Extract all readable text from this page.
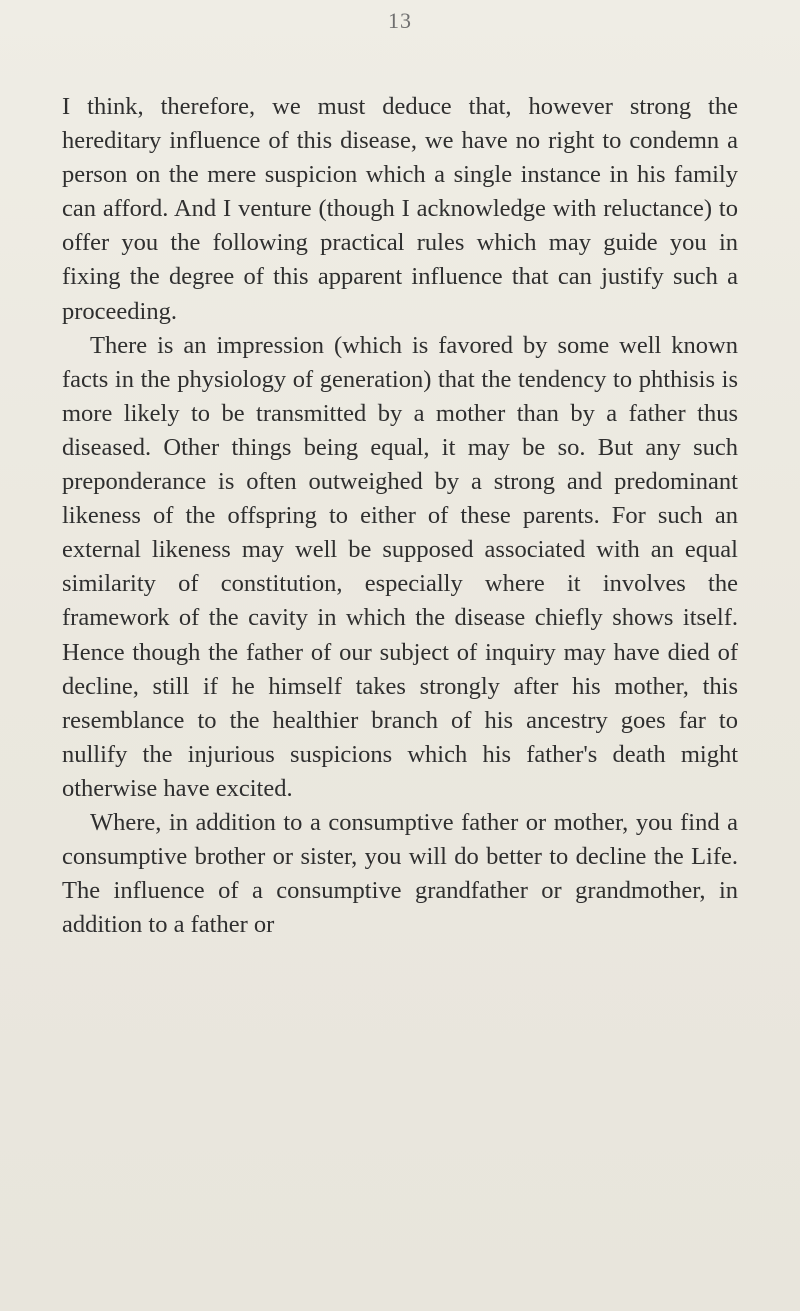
13

I think, therefore, we must deduce that, however strong the hereditary influence of this disease, we have no right to condemn a person on the mere suspicion which a single instance in his family can afford. And I venture (though I acknowledge with reluctance) to offer you the following practical rules which may guide you in fixing the degree of this apparent influence that can justify such a proceeding.

There is an impression (which is favored by some well known facts in the physiology of generation) that the tendency to phthisis is more likely to be transmitted by a mother than by a father thus diseased. Other things being equal, it may be so. But any such preponderance is often outweighed by a strong and predominant likeness of the offspring to either of these parents. For such an external likeness may well be supposed associated with an equal similarity of constitution, especially where it involves the framework of the cavity in which the disease chiefly shows itself. Hence though the father of our subject of inquiry may have died of decline, still if he himself takes strongly after his mother, this resemblance to the healthier branch of his ancestry goes far to nullify the injurious suspicions which his father's death might otherwise have excited.

Where, in addition to a consumptive father or mother, you find a consumptive brother or sister, you will do better to decline the Life. The influence of a consumptive grandfather or grandmother, in addition to a father or
